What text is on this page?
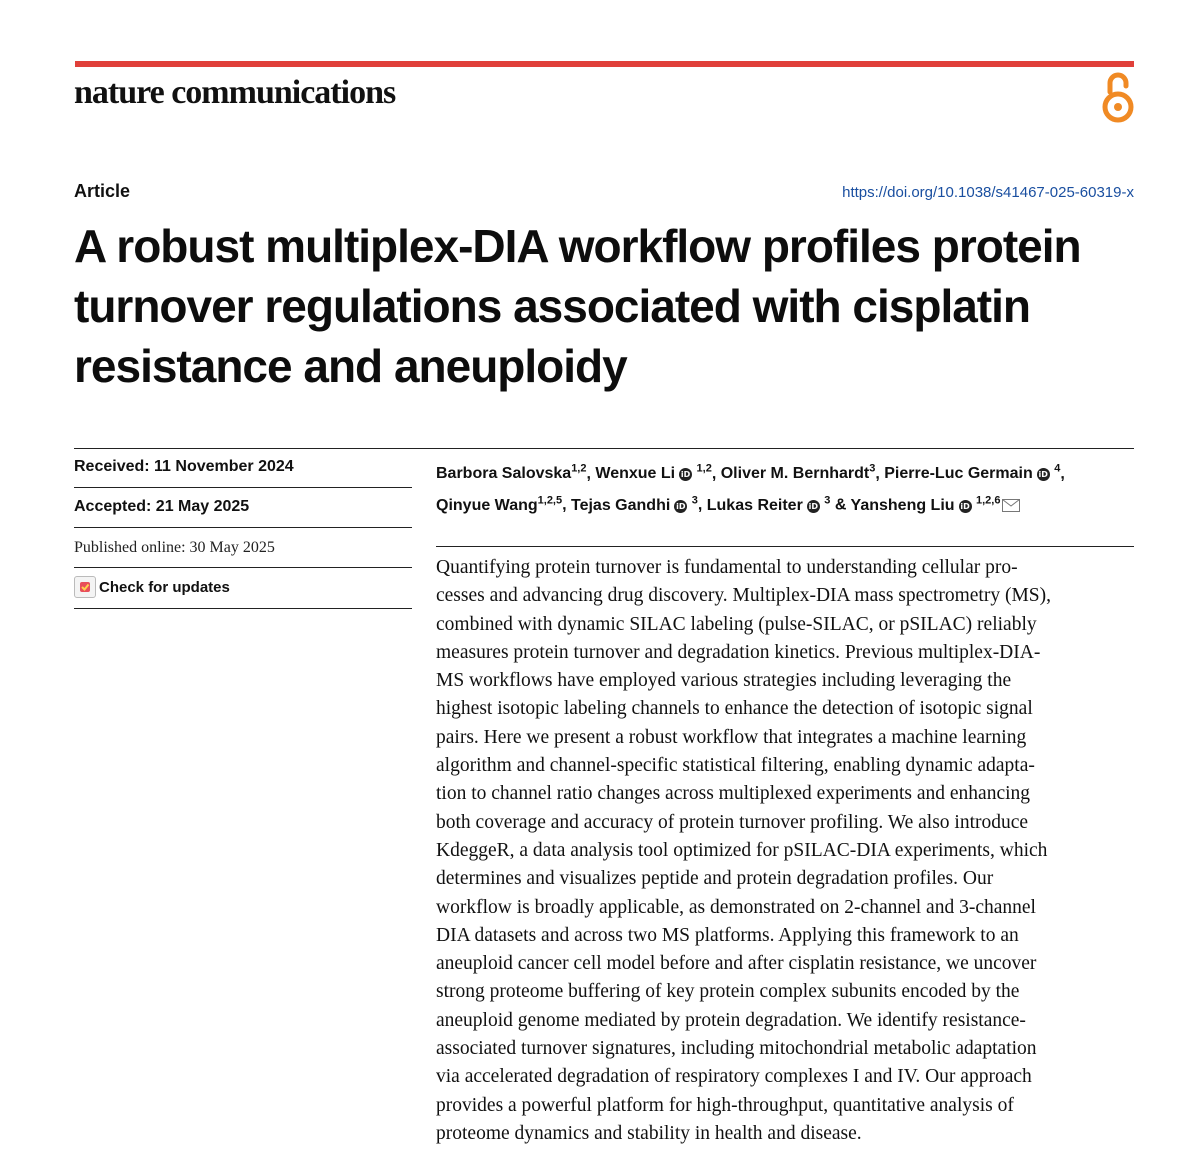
nature communications
Article	https://doi.org/10.1038/s41467-025-60319-x
A robust multiplex-DIA workflow profiles protein turnover regulations associated with cisplatin resistance and aneuploidy
Received: 11 November 2024
Accepted: 21 May 2025
Published online: 30 May 2025
Check for updates
Barbora Salovska$^{1,2}$, Wenxue Li iD $^{1,2}$, Oliver M. Bernhardt$^3$, Pierre-Luc Germain iD $^4$, Qinyue Wang$^{1,2,5}$, Tejas Gandhi iD $^3$, Lukas Reiter iD $^3$ & Yansheng Liu iD $^{1,2,6}$

Quantifying protein turnover is fundamental to understanding cellular pro-
cesses and advancing drug discovery. Multiplex-DIA mass spectrometry (MS),
combined with dynamic SILAC labeling (pulse-SILAC, or pSILAC) reliably
measures protein turnover and degradation kinetics. Previous multiplex-DIA-
MS workflows have employed various strategies including leveraging the
highest isotopic labeling channels to enhance the detection of isotopic signal
pairs. Here we present a robust workflow that integrates a machine learning
algorithm and channel-specific statistical filtering, enabling dynamic adapta-
tion to channel ratio changes across multiplexed experiments and enhancing
both coverage and accuracy of protein turnover profiling. We also introduce
KdeggeR, a data analysis tool optimized for pSILAC-DIA experiments, which
determines and visualizes peptide and protein degradation profiles. Our
workflow is broadly applicable, as demonstrated on 2-channel and 3-channel
DIA datasets and across two MS platforms. Applying this framework to an
aneuploid cancer cell model before and after cisplatin resistance, we uncover
strong proteome buffering of key protein complex subunits encoded by the
aneuploid genome mediated by protein degradation. We identify resistance-
associated turnover signatures, including mitochondrial metabolic adaptation
via accelerated degradation of respiratory complexes I and IV. Our approach
provides a powerful platform for high-throughput, quantitative analysis of
proteome dynamics and stability in health and disease.
